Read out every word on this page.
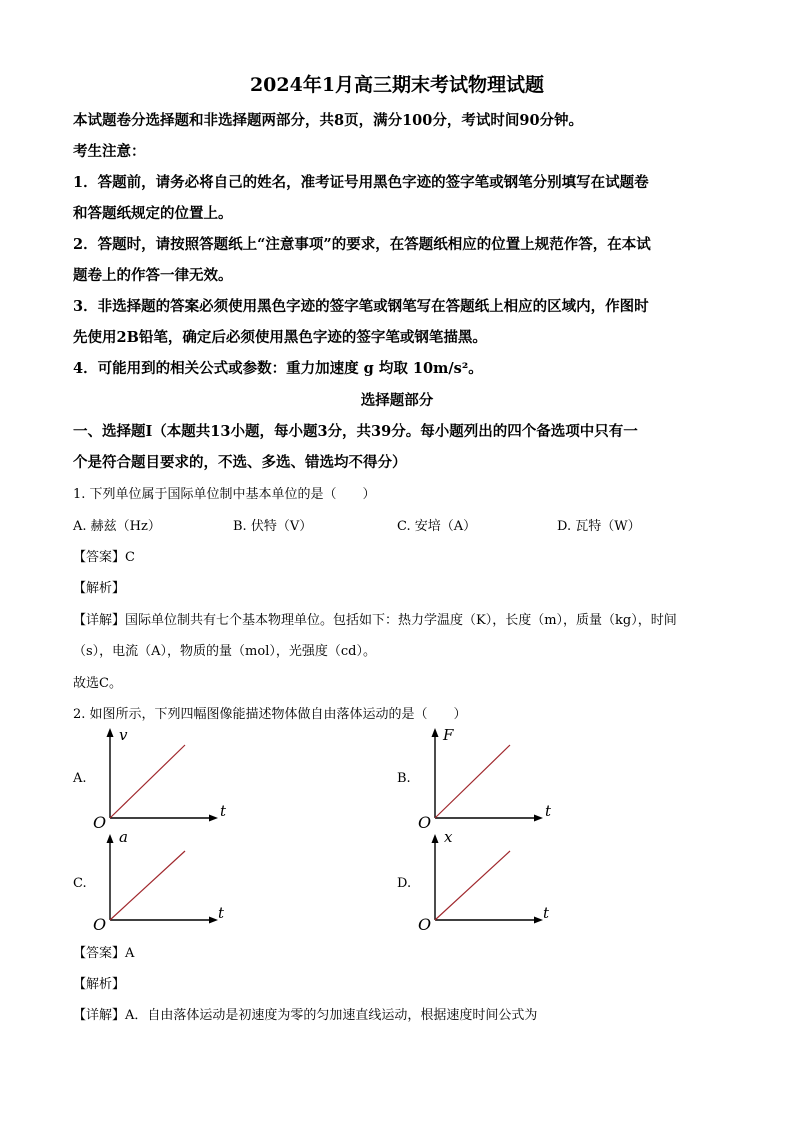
2024年1月高三期末考试物理试题

本试题卷分选择题和非选择题两部分，共8页，满分100分，考试时间90分钟。

考生注意：

1．答题前，请务必将自己的姓名，准考证号用黑色字迹的签字笔或钢笔分别填写在试题卷

和答题纸规定的位置上。

2．答题时，请按照答题纸上“注意事项”的要求，在答题纸相应的位置上规范作答，在本试

题卷上的作答一律无效。

3．非选择题的答案必须使用黑色字迹的签字笔或钢笔写在答题纸上相应的区域内，作图时

先使用2B铅笔，确定后必须使用黑色字迹的签字笔或钢笔描黑。

4．可能用到的相关公式或参数：重力加速度 g 均取 10m/s²。

选择题部分

一、选择题Ⅰ（本题共13小题，每小题3分，共39分。每小题列出的四个备选项中只有一

个是符合题目要求的，不选、多选、错选均不得分）

1. 下列单位属于国际单位制中基本单位的是（　　）

A. 赫兹（Hz）	B. 伏特（V）	C. 安培（A）	D. 瓦特（W）

【答案】C

【解析】

【详解】国际单位制共有七个基本物理单位。包括如下：热力学温度（K），长度（m），质量（kg），时间

（s），电流（A），物质的量（mol），光强度（cd）。

故选C。

2. 如图所示，下列四幅图像能描述物体做自由落体运动的是（　　）

A.

v
t
O

B.

F
t
O

C.

a
t
O

D.

x
t
O

【答案】A

【解析】

【详解】A．自由落体运动是初速度为零的匀加速直线运动，根据速度时间公式为
